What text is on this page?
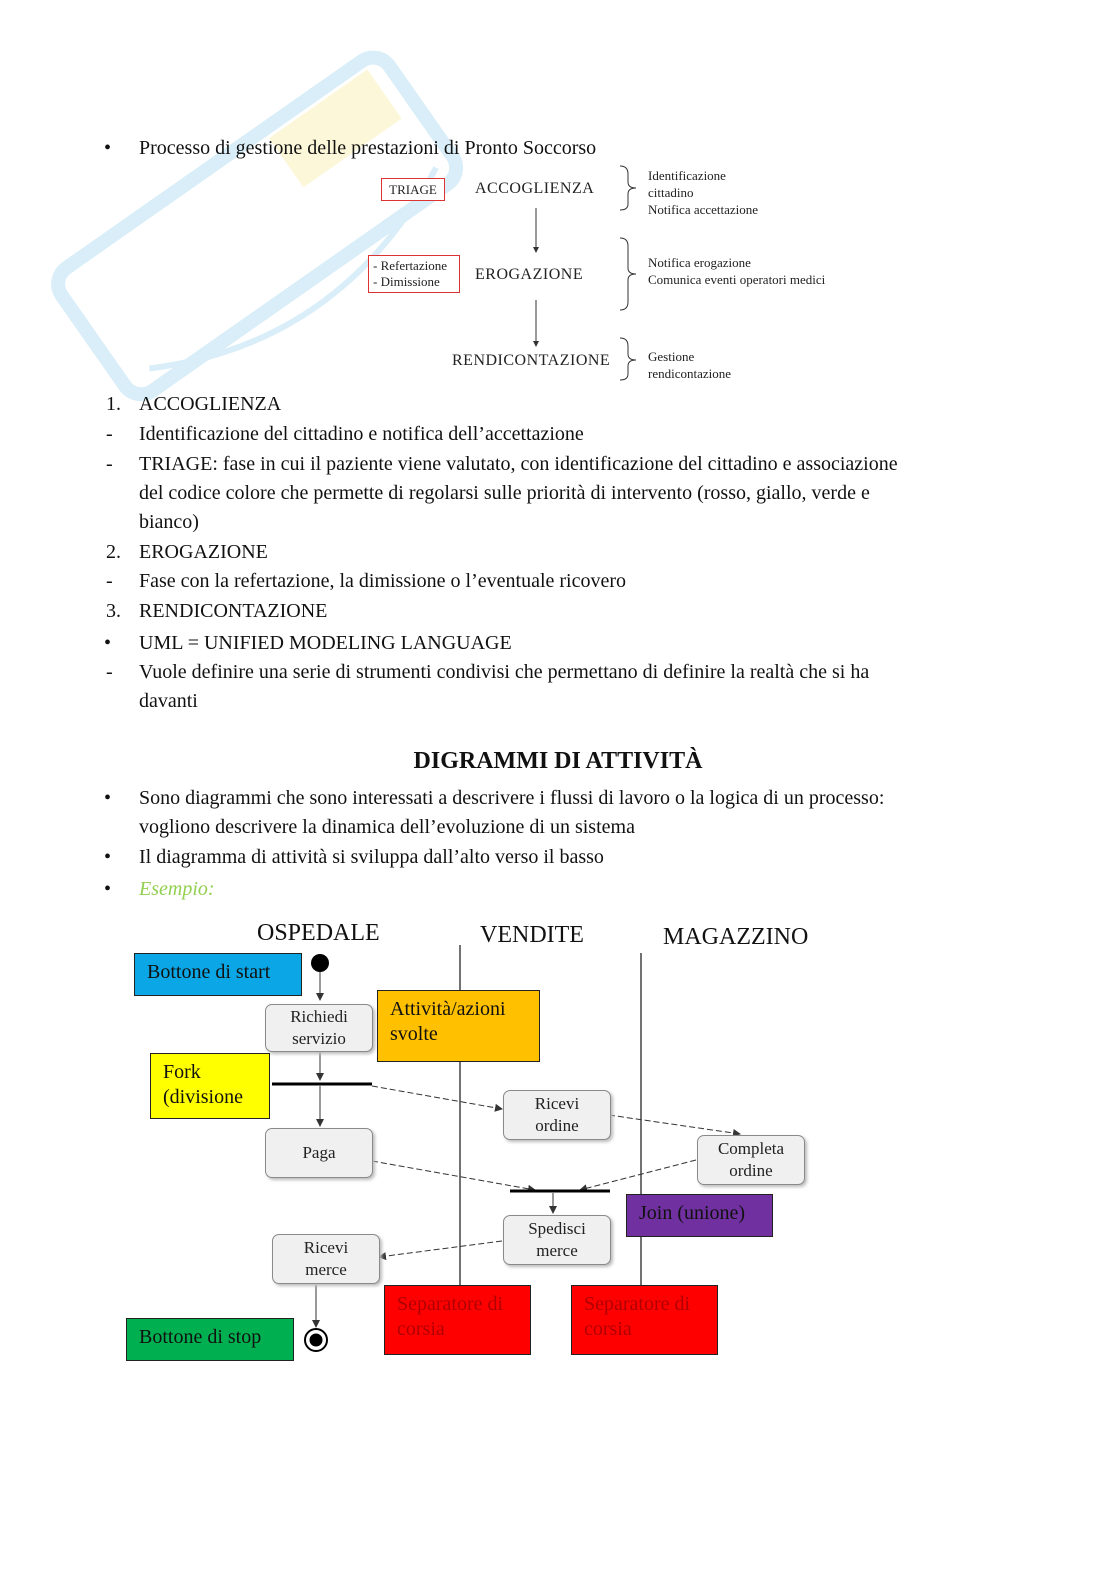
• Processo di gestione delle prestazioni di Pronto Soccorso
TRIAGE	ACCOGLIENZA
- Refertazione
- Dimissione	EROGAZIONE
RENDICONTAZIONE
Identificazione
cittadino
Notifica accettazione
Notifica erogazione
Comunica eventi operatori medici
Gestione
rendicontazione
1. ACCOGLIENZA
- Identificazione del cittadino e notifica dell’accettazione
- TRIAGE: fase in cui il paziente viene valutato, con identificazione del cittadino e associazione
del codice colore che permette di regolarsi sulle priorità di intervento (rosso, giallo, verde e
bianco)
2. EROGAZIONE
- Fase con la refertazione, la dimissione o l’eventuale ricovero
3. RENDICONTAZIONE
• UML = UNIFIED MODELING LANGUAGE
- Vuole definire una serie di strumenti condivisi che permettano di definire la realtà che si ha
davanti
DIGRAMMI DI ATTIVITÀ
• Sono diagrammi che sono interessati a descrivere i flussi di lavoro o la logica di un processo:
vogliono descrivere la dinamica dell’evoluzione di un sistema
• Il diagramma di attività si sviluppa dall’alto verso il basso
• Esempio:
OSPEDALE	VENDITE	MAGAZZINO
Richiedi
servizio
Paga
Ricevi
ordine
Completa
ordine
Spedisci
merce
Ricevi
merce
Bottone di start
Attività/azioni
svolte
Fork
(divisione
Join (unione)
Separatore di
corsia
Separatore di
corsia
Bottone di stop
